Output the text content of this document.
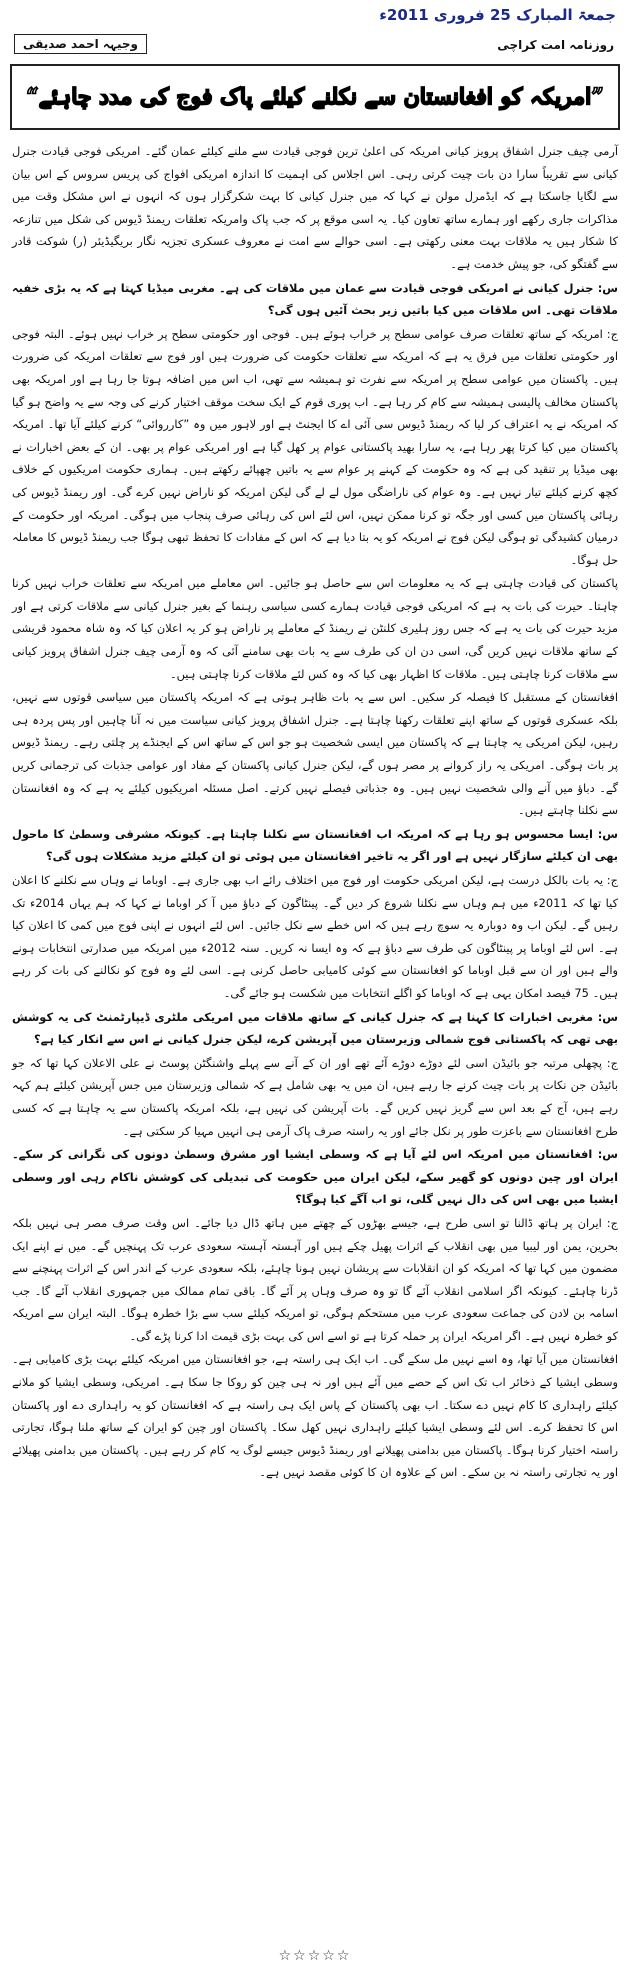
جمعۃ المبارک 25 فروری 2011ء
وجیہہ احمد صدیقی	روزنامہ امت کراچی
”امریکہ کو افغانستان سے نکلنے کیلئے پاک فوج کی مدد چاہئے“

آرمی چیف جنرل اشفاق پرویز کیانی امریکہ کی اعلیٰ ترین فوجی قیادت سے ملنے کیلئے عمان گئے۔ امریکی فوجی قیادت جنرل کیانی سے تقریباً سارا دن بات چیت کرتی رہی۔ اس اجلاس کی اہمیت کا اندازہ امریکی افواج کی پریس سروس کے اس بیان سے لگایا جاسکتا ہے کہ ایڈمرل مولن نے کہا کہ میں جنرل کیانی کا بہت شکرگزار ہوں کہ انہوں نے اس مشکل وقت میں مذاکرات جاری رکھے اور ہمارے ساتھ تعاون کیا۔ یہ اسی موقع پر کہ جب پاک وامریکہ تعلقات ریمنڈ ڈیوس کی شکل میں تنازعہ کا شکار ہیں یہ ملاقات بہت معنی رکھتی ہے۔ اسی حوالے سے امت نے معروف عسکری تجزیہ نگار بریگیڈیئر (ر) شوکت قادر سے گفتگو کی، جو پیش خدمت ہے۔

س: جنرل کیانی نے امریکی فوجی قیادت سے عمان میں ملاقات کی ہے۔ مغربی میڈیا کہتا ہے کہ یہ بڑی خفیہ ملاقات تھی۔ اس ملاقات میں کیا باتیں زیر بحث آئیں ہوں گی؟

ج: امریکہ کے ساتھ تعلقات صرف عوامی سطح پر خراب ہوئے ہیں۔ فوجی اور حکومتی سطح پر خراب نہیں ہوئے۔ البتہ فوجی اور حکومتی تعلقات میں فرق یہ ہے کہ امریکہ سے تعلقات حکومت کی ضرورت ہیں اور فوج سے تعلقات امریکہ کی ضرورت ہیں۔ پاکستان میں عوامی سطح پر امریکہ سے نفرت تو ہمیشہ سے تھی، اب اس میں اضافہ ہوتا جا رہا ہے اور امریکہ بھی پاکستان مخالف پالیسی ہمیشہ سے کام کر رہا ہے۔ اب پوری قوم کے ایک سخت موقف اختیار کرنے کی وجہ سے یہ واضح ہو گیا کہ امریکہ نے یہ اعتراف کر لیا کہ ریمنڈ ڈیوس سی آئی اے کا ایجنٹ ہے اور لاہور میں وہ ”کارروائی“ کرنے کیلئے آیا تھا۔ امریکہ پاکستان میں کیا کرتا پھر رہا ہے، یہ سارا بھید پاکستانی عوام پر کھل گیا ہے اور امریکی عوام پر بھی۔ ان کے بعض اخبارات نے بھی میڈیا پر تنقید کی ہے کہ وہ حکومت کے کہنے پر عوام سے یہ باتیں چھپائے رکھتے ہیں۔ ہماری حکومت امریکیوں کے خلاف کچھ کرنے کیلئے تیار نہیں ہے۔ وہ عوام کی ناراضگی مول لے لے گی لیکن امریکہ کو ناراض نہیں کرے گی۔ اور ریمنڈ ڈیوس کی رہائی پاکستان میں کسی اور جگہ تو کرنا ممکن نہیں، اس لئے اس کی رہائی صرف پنجاب میں ہوگی۔ امریکہ اور حکومت کے درمیان کشیدگی تو ہوگی لیکن فوج نے امریکہ کو یہ بتا دیا ہے کہ اس کے مفادات کا تحفظ تبھی ہوگا جب ریمنڈ ڈیوس کا معاملہ حل ہوگا۔

پاکستان کی قیادت چاہتی ہے کہ یہ معلومات اس سے حاصل ہو جائیں۔ اس معاملے میں امریکہ سے تعلقات خراب نہیں کرنا چاہتا۔ حیرت کی بات یہ ہے کہ امریکی فوجی قیادت ہمارے کسی سیاسی رہنما کے بغیر جنرل کیانی سے ملاقات کرتی ہے اور مزید حیرت کی بات یہ ہے کہ جس روز ہلیری کلنٹن نے ریمنڈ کے معاملے پر ناراض ہو کر یہ اعلان کیا کہ وہ شاہ محمود قریشی کے ساتھ ملاقات نہیں کریں گی، اسی دن ان کی طرف سے یہ بات بھی سامنے آئی کہ وہ آرمی چیف جنرل اشفاق پرویز کیانی سے ملاقات کرنا چاہتی ہیں۔ ملاقات کا اظہار بھی کیا کہ وہ کس لئے ملاقات کرنا چاہتی ہیں۔

افغانستان کے مستقبل کا فیصلہ کر سکیں۔ اس سے یہ بات ظاہر ہوتی ہے کہ امریکہ پاکستان میں سیاسی قوتوں سے نہیں، بلکہ عسکری قوتوں کے ساتھ اپنے تعلقات رکھنا چاہتا ہے۔ جنرل اشفاق پرویز کیانی سیاست میں نہ آنا چاہیں اور پس پردہ ہی رہیں، لیکن امریکی یہ چاہتا ہے کہ پاکستان میں ایسی شخصیت ہو جو اس کے ساتھ اس کے ایجنڈے پر چلتی رہے۔ ریمنڈ ڈیوس پر بات ہوگی۔ امریکی یہ راز کروانے پر مصر ہوں گے، لیکن جنرل کیانی پاکستان کے مفاد اور عوامی جذبات کی ترجمانی کریں گے۔ دباؤ میں آنے والی شخصیت نہیں ہیں۔ وہ جذباتی فیصلے نہیں کرتے۔ اصل مسئلہ امریکیوں کیلئے یہ ہے کہ وہ افغانستان سے نکلنا چاہتے ہیں۔

س: ایسا محسوس ہو رہا ہے کہ امریکہ اب افغانستان سے نکلنا چاہتا ہے۔ کیونکہ مشرقی وسطیٰ کا ماحول بھی ان کیلئے سازگار نہیں ہے اور اگر یہ تاخیر افغانستان میں ہوئی تو ان کیلئے مزید مشکلات ہوں گی؟

ج: یہ بات بالکل درست ہے، لیکن امریکی حکومت اور فوج میں اختلاف رائے اب بھی جاری ہے۔ اوباما نے وہاں سے نکلنے کا اعلان کیا تھا کہ 2011ء میں ہم وہاں سے نکلنا شروع کر دیں گے۔ پینٹاگون کے دباؤ میں آ کر اوباما نے کہا کہ ہم یہاں 2014ء تک رہیں گے۔ لیکن اب وہ دوبارہ یہ سوچ رہے ہیں کہ اس خطے سے نکل جائیں۔ اس لئے انہوں نے اپنی فوج میں کمی کا اعلان کیا ہے۔ اس لئے اوباما پر پینٹاگون کی طرف سے دباؤ ہے کہ وہ ایسا نہ کریں۔ سنہ 2012ء میں امریکہ میں صدارتی انتخابات ہونے والے ہیں اور ان سے قبل اوباما کو افغانستان سے کوئی کامیابی حاصل کرنی ہے۔ اسی لئے وہ فوج کو نکالنے کی بات کر رہے ہیں۔ 75 فیصد امکان یہی ہے کہ اوباما کو اگلے انتخابات میں شکست ہو جائے گی۔

س: مغربی اخبارات کا کہنا ہے کہ جنرل کیانی کے ساتھ ملاقات میں امریکی ملٹری ڈیپارٹمنٹ کی یہ کوشش بھی تھی کہ پاکستانی فوج شمالی وزیرستان میں آپریشن کرے، لیکن جنرل کیانی نے اس سے انکار کیا ہے؟

ج: پچھلی مرتبہ جو بائیڈن اسی لئے دوڑے دوڑے آئے تھے اور ان کے آنے سے پہلے واشنگٹن پوسٹ نے علی الاعلان کہا تھا کہ جو بائیڈن جن نکات پر بات چیت کرنے جا رہے ہیں، ان میں یہ بھی شامل ہے کہ شمالی وزیرستان میں جس آپریشن کیلئے ہم کہہ رہے ہیں، آج کے بعد اس سے گریز نہیں کریں گے۔ بات آپریشن کی نہیں ہے، بلکہ امریکہ پاکستان سے یہ چاہتا ہے کہ کسی طرح افغانستان سے باعزت طور پر نکل جائے اور یہ راستہ صرف پاک آرمی ہی انہیں مہیا کر سکتی ہے۔

س: افغانستان میں امریکہ اس لئے آیا ہے کہ وسطی ایشیا اور مشرق وسطیٰ دونوں کی نگرانی کر سکے۔ ایران اور چین دونوں کو گھیر سکے، لیکن ایران میں حکومت کی تبدیلی کی کوشش ناکام رہی اور وسطی ایشیا میں بھی اس کی دال نہیں گلی، تو اب آگے کیا ہوگا؟

ج: ایران پر ہاتھ ڈالنا تو اسی طرح ہے، جیسے بھڑوں کے چھتے میں ہاتھ ڈال دیا جائے۔ اس وقت صرف مصر ہی نہیں بلکہ بحرین، یمن اور لیبیا میں بھی انقلاب کے اثرات پھیل چکے ہیں اور آہستہ آہستہ سعودی عرب تک پہنچیں گے۔ میں نے اپنے ایک مضمون میں کہا تھا کہ امریکہ کو ان انقلابات سے پریشان نہیں ہونا چاہئے، بلکہ سعودی عرب کے اندر اس کے اثرات پہنچنے سے ڈرنا چاہئے۔ کیونکہ اگر اسلامی انقلاب آئے گا تو وہ صرف وہاں پر آئے گا۔ باقی تمام ممالک میں جمہوری انقلاب آئے گا۔ جب اسامہ بن لادن کی جماعت سعودی عرب میں مستحکم ہوگی، تو امریکہ کیلئے سب سے بڑا خطرہ ہوگا۔ البتہ ایران سے امریکہ کو خطرہ نہیں ہے۔ اگر امریکہ ایران پر حملہ کرتا ہے تو اسے اس کی بہت بڑی قیمت ادا کرنا پڑے گی۔

افغانستان میں آیا تھا، وہ اسے نہیں مل سکے گی۔ اب ایک ہی راستہ ہے، جو افغانستان میں امریکہ کیلئے بہت بڑی کامیابی ہے۔ وسطی ایشیا کے ذخائر اب تک اس کے حصے میں آئے ہیں اور نہ ہی چین کو روکا جا سکا ہے۔ امریکی، وسطی ایشیا کو ملانے کیلئے راہداری کا کام نہیں دے سکتا۔ اب بھی پاکستان کے پاس ایک ہی راستہ ہے کہ افغانستان کو یہ راہداری دے اور پاکستان اس کا تحفظ کرے۔ اس لئے وسطی ایشیا کیلئے راہداری نہیں کھل سکا۔ پاکستان اور چین کو ایران کے ساتھ ملنا ہوگا، تجارتی راستہ اختیار کرنا ہوگا۔ پاکستان میں بدامنی پھیلانے اور ریمنڈ ڈیوس جیسے لوگ یہ کام کر رہے ہیں۔ پاکستان میں بدامنی پھیلائے اور یہ تجارتی راستہ نہ بن سکے۔ اس کے علاوہ ان کا کوئی مقصد نہیں ہے۔

☆☆☆☆☆
